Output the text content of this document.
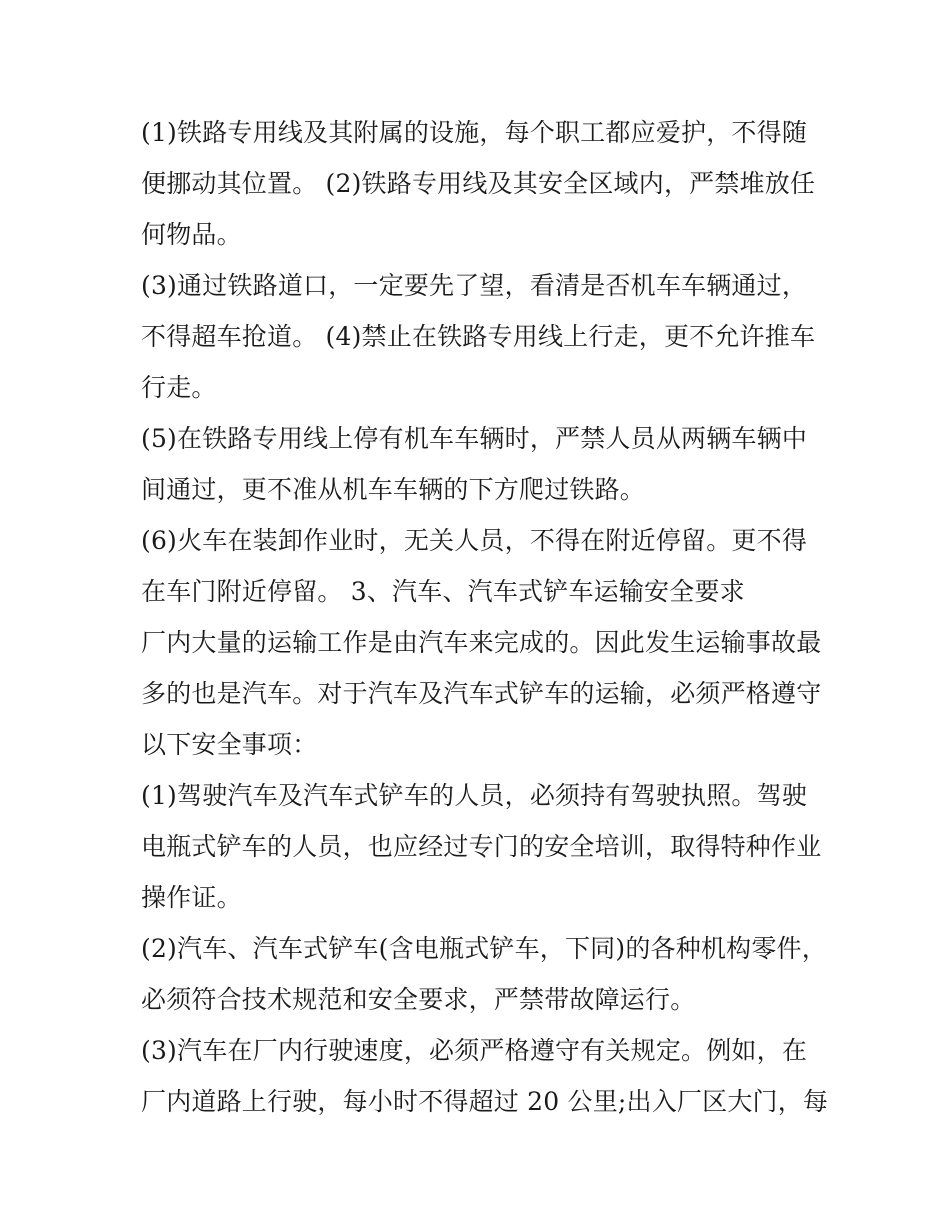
(1)铁路专用线及其附属的设施，每个职工都应爱护，不得随
便挪动其位置。 (2)铁路专用线及其安全区域内，严禁堆放任
何物品。
(3)通过铁路道口，一定要先了望，看清是否机车车辆通过，
不得超车抢道。 (4)禁止在铁路专用线上行走，更不允许推车
行走。
(5)在铁路专用线上停有机车车辆时，严禁人员从两辆车辆中
间通过，更不准从机车车辆的下方爬过铁路。
(6)火车在装卸作业时，无关人员，不得在附近停留。更不得
在车门附近停留。 3、汽车、汽车式铲车运输安全要求
厂内大量的运输工作是由汽车来完成的。因此发生运输事故最
多的也是汽车。对于汽车及汽车式铲车的运输，必须严格遵守
以下安全事项：
(1)驾驶汽车及汽车式铲车的人员，必须持有驾驶执照。驾驶
电瓶式铲车的人员，也应经过专门的安全培训，取得特种作业
操作证。
(2)汽车、汽车式铲车(含电瓶式铲车，下同)的各种机构零件，
必须符合技术规范和安全要求，严禁带故障运行。
(3)汽车在厂内行驶速度，必须严格遵守有关规定。例如，在
厂内道路上行驶，每小时不得超过 20 公里;出入厂区大门，每
